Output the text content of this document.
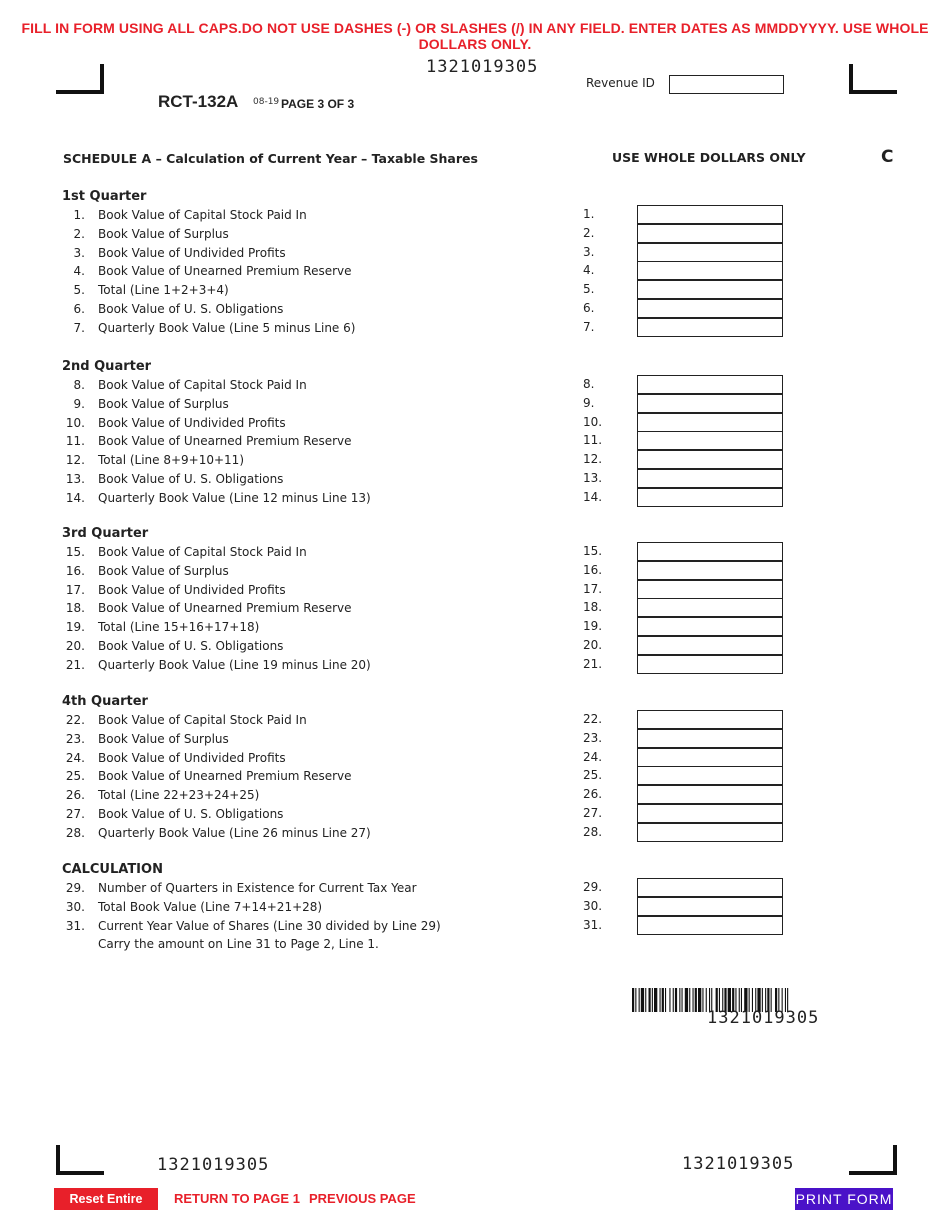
FILL IN FORM USING ALL CAPS.DO NOT USE DASHES (-) OR SLASHES (/) IN ANY FIELD. ENTER DATES AS MMDDYYYY. USE WHOLE DOLLARS ONLY.
1321019305
RCT-132A 08-19 PAGE 3 OF 3
Revenue ID
SCHEDULE A – Calculation of Current Year – Taxable Shares	USE WHOLE DOLLARS ONLY	C
1st Quarter
1. Book Value of Capital Stock Paid In	1.
2. Book Value of Surplus	2.
3. Book Value of Undivided Profits	3.
4. Book Value of Unearned Premium Reserve	4.
5. Total (Line 1+2+3+4)	5.
6. Book Value of U. S. Obligations	6.
7. Quarterly Book Value (Line 5 minus Line 6)	7.
2nd Quarter
8. Book Value of Capital Stock Paid In	8.
9. Book Value of Surplus	9.
10. Book Value of Undivided Profits	10.
11. Book Value of Unearned Premium Reserve	11.
12. Total (Line 8+9+10+11)	12.
13. Book Value of U. S. Obligations	13.
14. Quarterly Book Value (Line 12 minus Line 13)	14.
3rd Quarter
15. Book Value of Capital Stock Paid In	15.
16. Book Value of Surplus	16.
17. Book Value of Undivided Profits	17.
18. Book Value of Unearned Premium Reserve	18.
19. Total (Line 15+16+17+18)	19.
20. Book Value of U. S. Obligations	20.
21. Quarterly Book Value (Line 19 minus Line 20)	21.
4th Quarter
22. Book Value of Capital Stock Paid In	22.
23. Book Value of Surplus	23.
24. Book Value of Undivided Profits	24.
25. Book Value of Unearned Premium Reserve	25.
26. Total (Line 22+23+24+25)	26.
27. Book Value of U. S. Obligations	27.
28. Quarterly Book Value (Line 26 minus Line 27)	28.
CALCULATION
29. Number of Quarters in Existence for Current Tax Year	29.
30. Total Book Value (Line 7+14+21+28)	30.
31. Current Year Value of Shares (Line 30 divided by Line 29)	31.
Carry the amount on Line 31 to Page 2, Line 1.
1321019305
1321019305	1321019305
Reset Entire Form
RETURN TO PAGE 1 PREVIOUS PAGE	PRINT FORM
